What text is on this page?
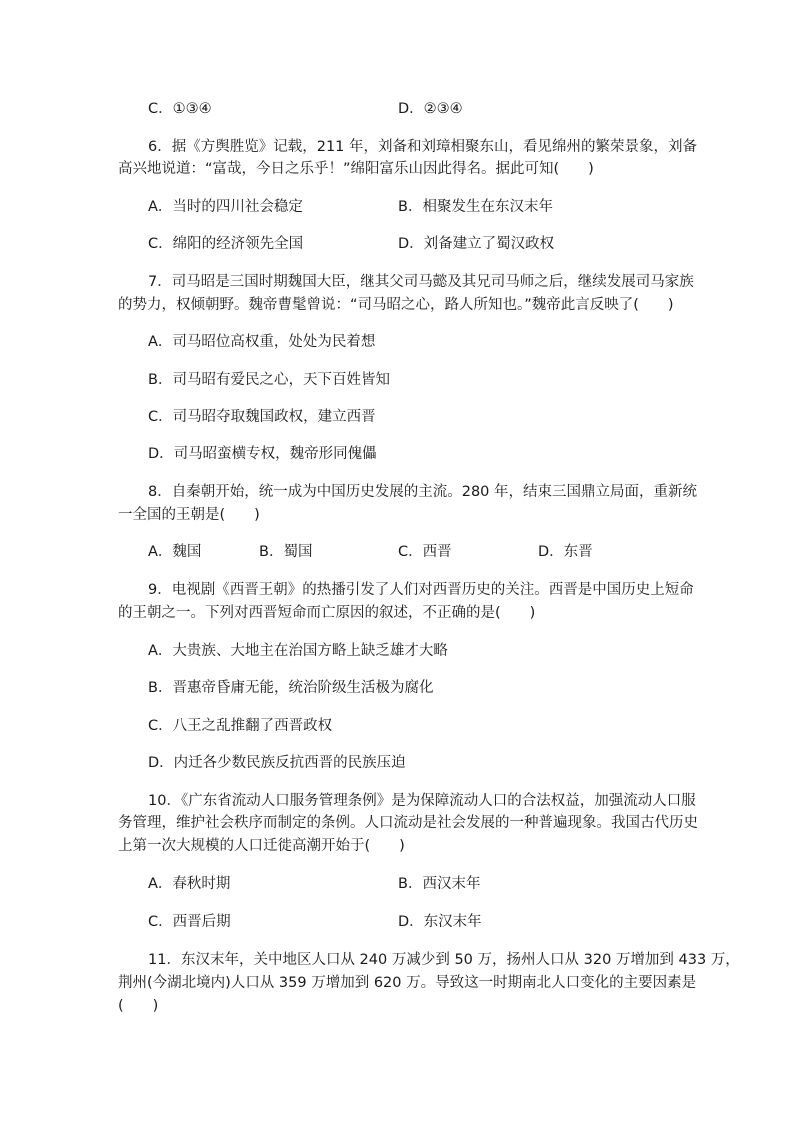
C．①③④	D．②③④
6．据《方舆胜览》记载，211 年，刘备和刘璋相聚东山，看见绵州的繁荣景象，刘备
高兴地说道：“富哉，今日之乐乎！”绵阳富乐山因此得名。据此可知(　　)
A．当时的四川社会稳定	B．相聚发生在东汉末年
C．绵阳的经济领先全国	D．刘备建立了蜀汉政权
7．司马昭是三国时期魏国大臣，继其父司马懿及其兄司马师之后，继续发展司马家族
的势力，权倾朝野。魏帝曹髦曾说：“司马昭之心，路人所知也。”魏帝此言反映了(　　)
A．司马昭位高权重，处处为民着想
B．司马昭有爱民之心，天下百姓皆知
C．司马昭夺取魏国政权，建立西晋
D．司马昭蛮横专权，魏帝形同傀儡
8．自秦朝开始，统一成为中国历史发展的主流。280 年，结束三国鼎立局面，重新统
一全国的王朝是(　　)
A．魏国	B．蜀国	C．西晋	D．东晋
9．电视剧《西晋王朝》的热播引发了人们对西晋历史的关注。西晋是中国历史上短命
的王朝之一。下列对西晋短命而亡原因的叙述，不正确的是(　　)
A．大贵族、大地主在治国方略上缺乏雄才大略
B．晋惠帝昏庸无能，统治阶级生活极为腐化
C．八王之乱推翻了西晋政权
D．内迁各少数民族反抗西晋的民族压迫
10．《广东省流动人口服务管理条例》是为保障流动人口的合法权益，加强流动人口服
务管理，维护社会秩序而制定的条例。人口流动是社会发展的一种普遍现象。我国古代历史
上第一次大规模的人口迁徙高潮开始于(　　)
A．春秋时期	B．西汉末年
C．西晋后期	D．东汉末年
11．东汉末年，关中地区人口从 240 万减少到 50 万，扬州人口从 320 万增加到 433 万，
荆州(今湖北境内)人口从 359 万增加到 620 万。导致这一时期南北人口变化的主要因素是
(　　)
